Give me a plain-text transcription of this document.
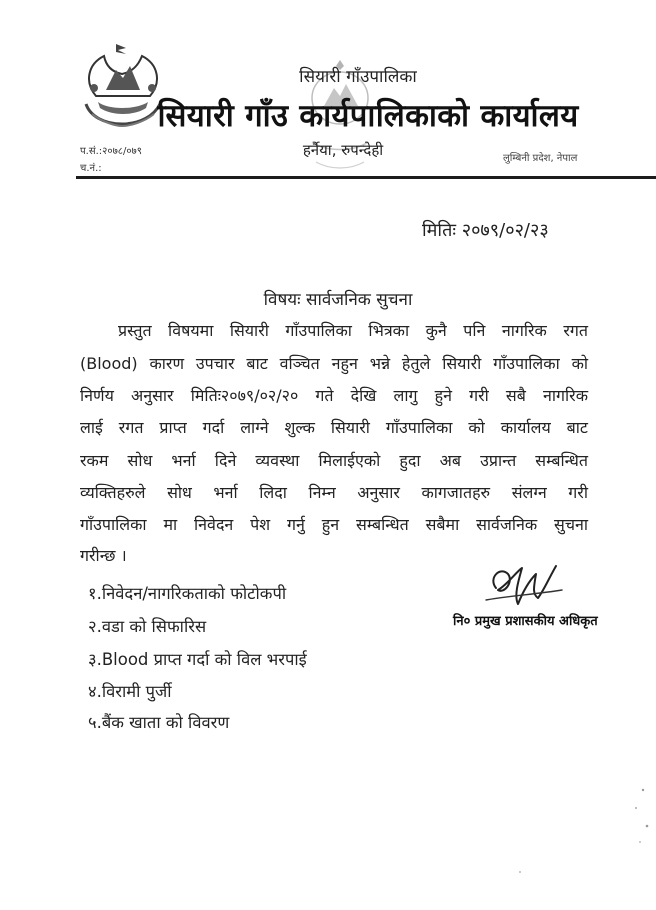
सियारी गाँउपालिका
सियारी गाँउ कार्यपालिकाको कार्यालय
हर्नैया, रुपन्देही	लुम्बिनी प्रदेश, नेपाल
प.सं.:२०७८/०७९
च.नं.:
मितिः २०७९/०२/२३
विषयः सार्वजनिक सुचना
प्रस्तुत विषयमा सियारी गाँउपालिका भित्रका कुनै पनि नागरिक रगत
(Blood) कारण उपचार बाट वञ्चित नहुन भन्ने हेतुले सियारी गाँउपालिका को
निर्णय अनुसार मितिः२०७९/०२/२० गते देखि लागु हुने गरी सबै नागरिक
लाई रगत प्राप्त गर्दा लाग्ने शुल्क सियारी गाँउपालिका को कार्यालय बाट
रकम सोध भर्ना दिने व्यवस्था मिलाईएको हुदा अब उप्रान्त सम्बन्धित
व्यक्तिहरुले सोध भर्ना लिदा निम्न अनुसार कागजातहरु संलग्न गरी
गाँउपालिका मा निवेदन पेश गर्नु हुन सम्बन्धित सबैमा सार्वजनिक सुचना
गरीन्छ ।
१.निवेदन/नागरिकताको फोटोकपी
२.वडा को सिफारिस
३.Blood प्राप्त गर्दा को विल भरपाई
४.विरामी पुर्जी
५.बैंक खाता को विवरण
नि० प्रमुख प्रशासकीय अधिकृत
